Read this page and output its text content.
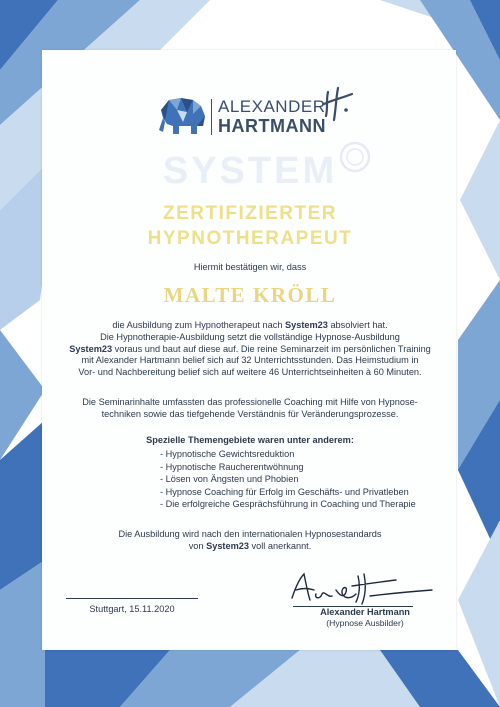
ALEXANDER
HARTMANN
SYSTEM
ZERTIFIZIERTER
HYPNOTHERAPEUT
Hiermit bestätigen wir, dass
MALTE KRÖLL
die Ausbildung zum Hypnotherapeut nach System23 absolviert hat.
Die Hypnotherapie-Ausbildung setzt die vollständige Hypnose-Ausbildung
System23 voraus und baut auf diese auf. Die reine Seminarzeit im persönlichen Training
mit Alexander Hartmann belief sich auf 32 Unterrichtsstunden. Das Heimstudium in
Vor- und Nachbereitung belief sich auf weitere 46 Unterrichtseinheiten à 60 Minuten.
Die Seminarinhalte umfassten das professionelle Coaching mit Hilfe von Hypnose-
techniken sowie das tiefgehende Verständnis für Veränderungsprozesse.
Spezielle Themengebiete waren unter anderem:
- Hypnotische Gewichtsreduktion
- Hypnotische Raucherentwöhnung
- Lösen von Ängsten und Phobien
- Hypnose Coaching für Erfolg im Geschäfts- und Privatleben
- Die erfolgreiche Gesprächsführung in Coaching und Therapie
Die Ausbildung wird nach den internationalen Hypnosestandards
von System23 voll anerkannt.
Stuttgart, 15.11.2020	Alexander Hartmann
(Hypnose Ausbilder)
